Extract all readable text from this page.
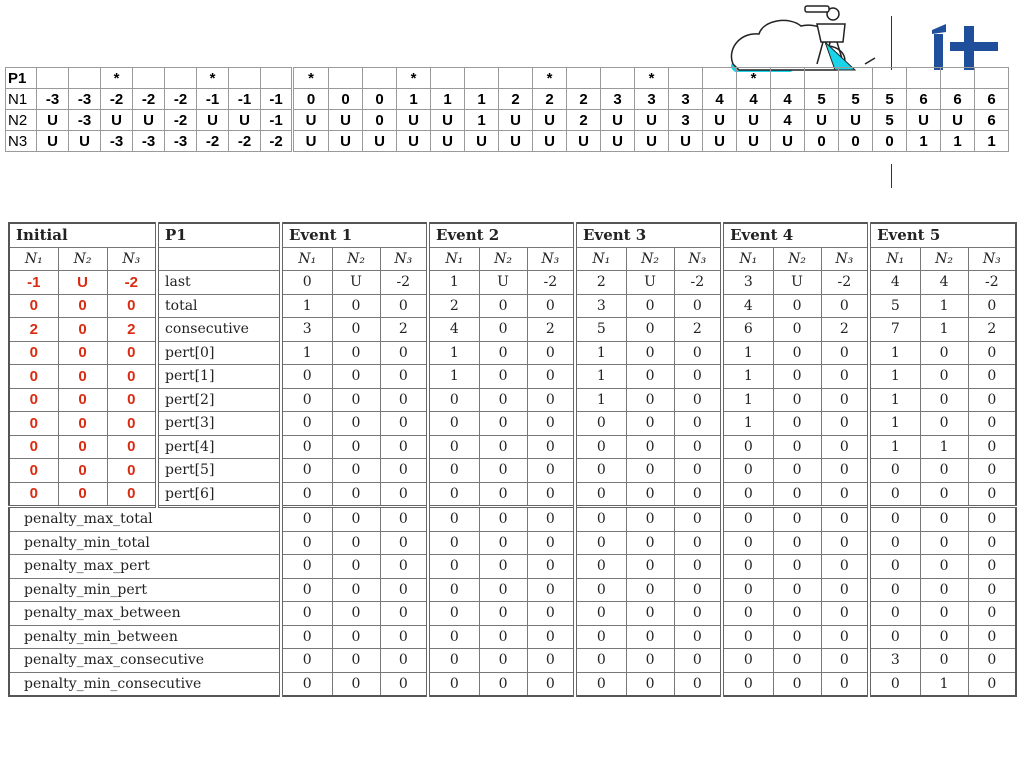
P1			*			*			*			*				*			*			*							
N1	-3	-3	-2	-2	-2	-1	-1	-1	0	0	0	1	1	1	2	2	2	3	3	3	4	4	4	5	5	5	6	6	6
N2	U	-3	U	U	-2	U	U	-1	U	U	0	U	U	1	U	U	2	U	U	3	U	U	4	U	U	5	U	U	6
N3	U	U	-3	-3	-3	-2	-2	-2	U	U	U	U	U	U	U	U	U	U	U	U	U	U	U	0	0	0	1	1	1
Initial			P1	Event 1			Event 2			Event 3			Event 4			Event 5		
N₁	N₂	N₃		N₁	N₂	N₃	N₁	N₂	N₃	N₁	N₂	N₃	N₁	N₂	N₃	N₁	N₂	N₃
-1	U	-2	last	0	U	-2	1	U	-2	2	U	-2	3	U	-2	4	4	-2
0	0	0	total	1	0	0	2	0	0	3	0	0	4	0	0	5	1	0
2	0	2	consecutive	3	0	2	4	0	2	5	0	2	6	0	2	7	1	2
0	0	0	pert[0]	1	0	0	1	0	0	1	0	0	1	0	0	1	0	0
0	0	0	pert[1]	0	0	0	1	0	0	1	0	0	1	0	0	1	0	0
0	0	0	pert[2]	0	0	0	0	0	0	1	0	0	1	0	0	1	0	0
0	0	0	pert[3]	0	0	0	0	0	0	0	0	0	1	0	0	1	0	0
0	0	0	pert[4]	0	0	0	0	0	0	0	0	0	0	0	0	1	1	0
0	0	0	pert[5]	0	0	0	0	0	0	0	0	0	0	0	0	0	0	0
0	0	0	pert[6]	0	0	0	0	0	0	0	0	0	0	0	0	0	0	0
penalty_max_total				0	0	0	0	0	0	0	0	0	0	0	0	0	0	0
penalty_min_total				0	0	0	0	0	0	0	0	0	0	0	0	0	0	0
penalty_max_pert				0	0	0	0	0	0	0	0	0	0	0	0	0	0	0
penalty_min_pert				0	0	0	0	0	0	0	0	0	0	0	0	0	0	0
penalty_max_between				0	0	0	0	0	0	0	0	0	0	0	0	0	0	0
penalty_min_between				0	0	0	0	0	0	0	0	0	0	0	0	0	0	0
penalty_max_consecutive				0	0	0	0	0	0	0	0	0	0	0	0	3	0	0
penalty_min_consecutive				0	0	0	0	0	0	0	0	0	0	0	0	0	1	0
